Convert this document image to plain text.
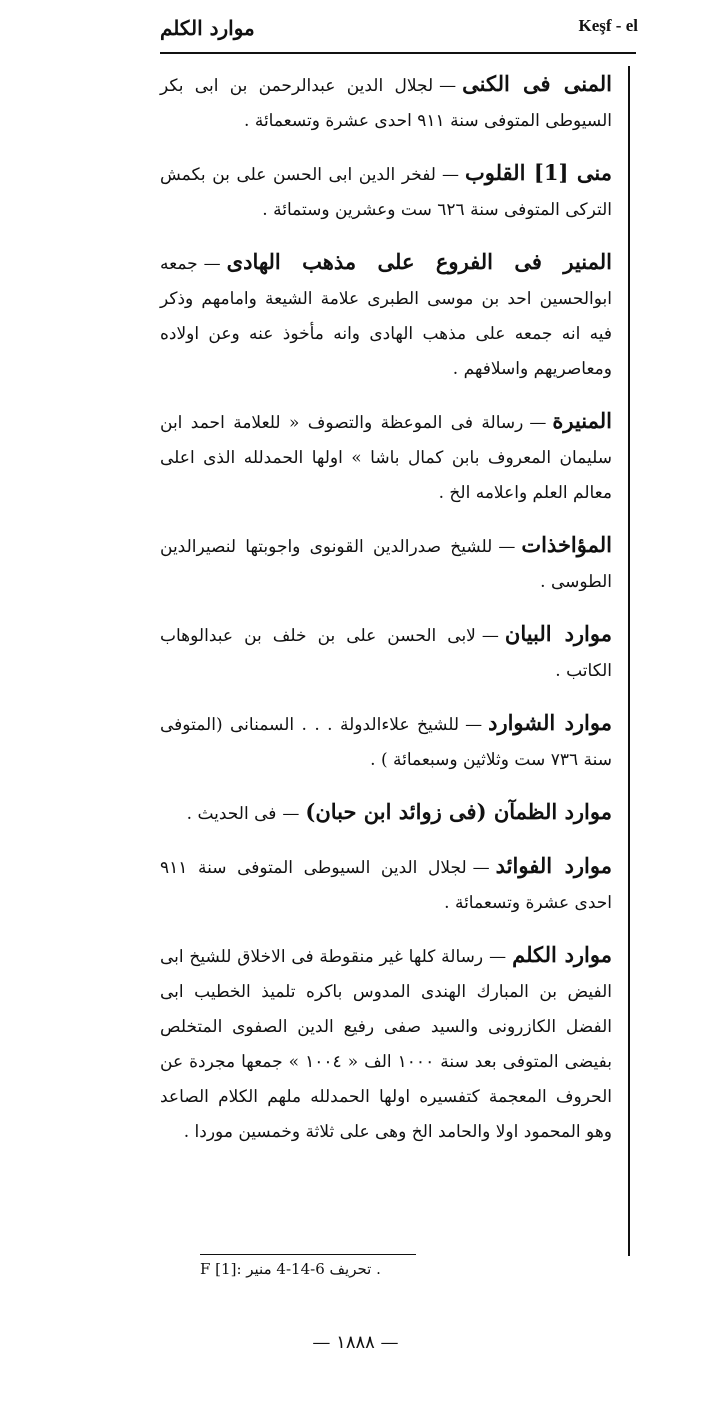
موارد الكلم	Keşf - el

المنى فى الكنى—لجلال الدين عبدالرحمن بن ابى بكر السيوطى المتوفى سنة ٩١١ احدى عشرة وتسعمائة .

منى [1] القلوب—لفخر الدين ابى الحسن على بن بكمش التركى المتوفى سنة ٦٢٦ ست وعشرين وستمائة .

المنير فى الفروع على مذهب الهادى—جمعه ابوالحسين احد بن موسى الطبرى علامة الشيعة وامامهم وذكر فيه انه جمعه على مذهب الهادى وانه مأخوذ عنه وعن اولاده ومعاصريهم واسلافهم .

المنيرة—رسالة فى الموعظة والتصوف « للعلامة احمد ابن سليمان المعروف بابن كمال باشا » اولها الحمدلله الذى اعلى معالم العلم واعلامه الخ .

المؤاخذات—للشيخ صدرالدين القونوى واجوبتها لنصيرالدين الطوسى .

موارد البيان—لابى الحسن على بن خلف بن عبدالوهاب الكاتب .

موارد الشوارد—للشيخ علاءالدولة . . . السمنانى (المتوفى سنة ٧٣٦ ست وثلاثين وسبعمائة ) .

موارد الظمآن (فى زوائد ابن حبان)—فى الحديث .

موارد الفوائد—لجلال الدين السيوطى المتوفى سنة ٩١١ احدى عشرة وتسعمائة .

موارد الكلم—رسالة كلها غير منقوطة فى الاخلاق للشيخ ابى الفيض بن المبارك الهندى المدوس باكره تلميذ الخطيب ابى الفضل الكازرونى والسيد صفى رفيع الدين الصفوى المتخلص بفيضى المتوفى بعد سنة ١٠٠٠ الف « ١٠٠٤ » جمعها مجردة عن الحروف المعجمة كتفسيره اولها الحمدلله ملهم الكلام الصاعد وهو المحمود اولا والحامد الخ وهى على ثلاثة وخمسين موردا .

. تحريف 6-14-4 منير :F [1]
— ١٨٨٨ —
